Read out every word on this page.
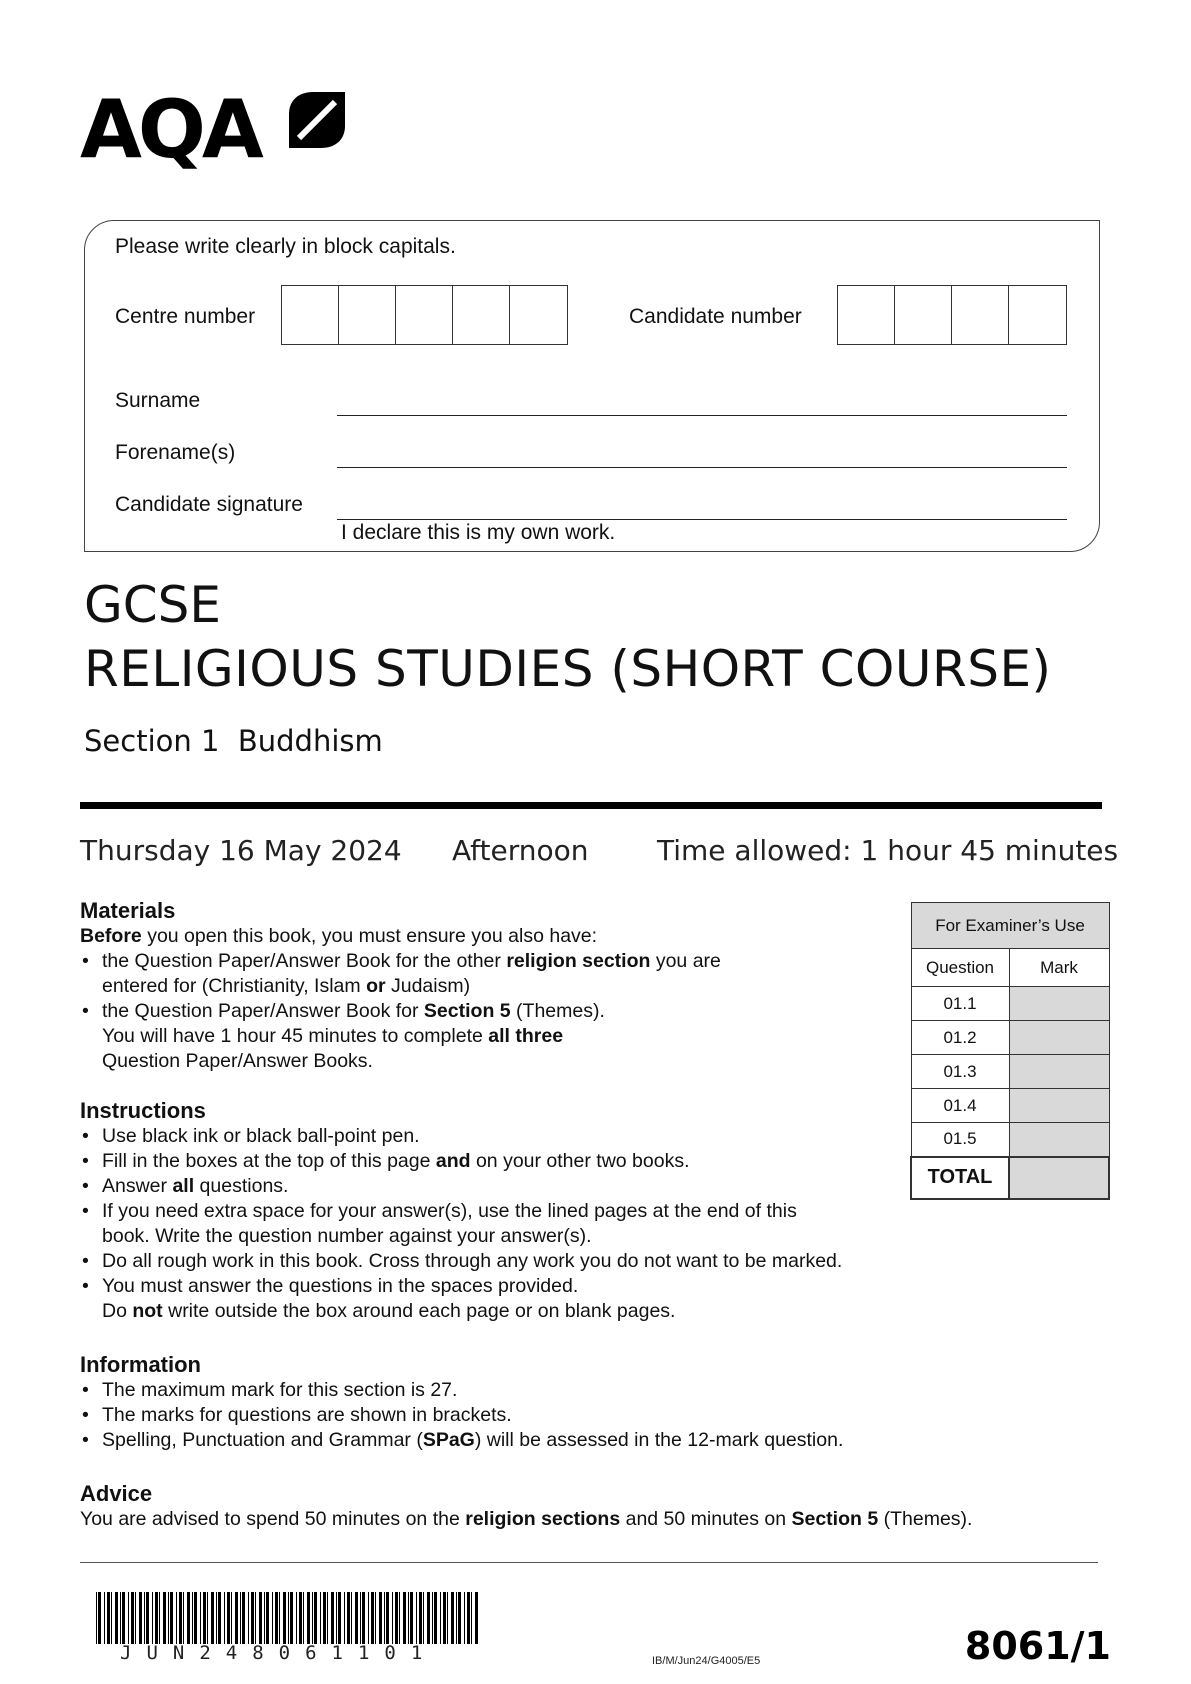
AQA
Please write clearly in block capitals.
Centre number	Candidate number
Surname
Forename(s)
Candidate signature
I declare this is my own work.
GCSE
RELIGIOUS STUDIES (SHORT COURSE)
Section 1  Buddhism
Thursday 16 May 2024 Afternoon Time allowed: 1 hour 45 minutes
Materials
Before you open this book, you must ensure you also have:
• the Question Paper/Answer Book for the other religion section you are entered for (Christianity, Islam or Judaism)
• the Question Paper/Answer Book for Section 5 (Themes).
You will have 1 hour 45 minutes to complete all three
Question Paper/Answer Books.
Instructions
• Use black ink or black ball-point pen.
• Fill in the boxes at the top of this page and on your other two books.
• Answer all questions.
• If you need extra space for your answer(s), use the lined pages at the end of this book. Write the question number against your answer(s).
• Do all rough work in this book. Cross through any work you do not want to be marked.
• You must answer the questions in the spaces provided.
Do not write outside the box around each page or on blank pages.
Information
• The maximum mark for this section is 27.
• The marks for questions are shown in brackets.
• Spelling, Punctuation and Grammar (SPaG) will be assessed in the 12-mark question.
Advice
You are advised to spend 50 minutes on the religion sections and 50 minutes on Section 5 (Themes).
For Examiner’s Use	
Question	Mark
01.1	
01.2	
01.3	
01.4	
01.5	
TOTAL	
JUN248061101	IB/M/Jun24/G4005/E5	8061/1
